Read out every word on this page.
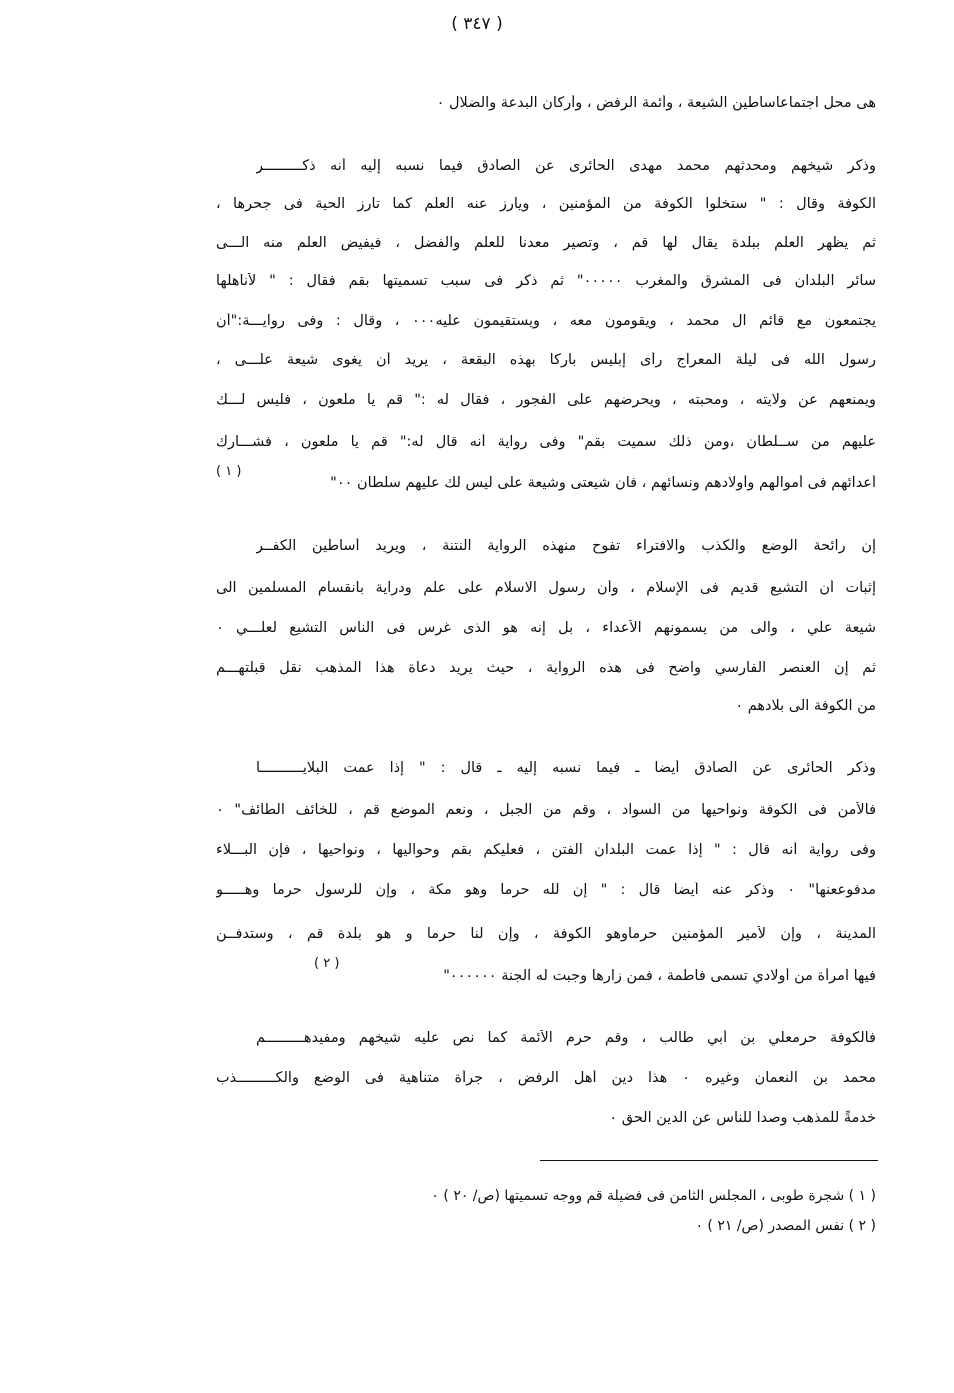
( ٣٤٧ )
هى محل اجتماعأساطين الشيعة ، وأئمة الرفض ، وأركان البدعة والضلال ٠
وذكر شيخهم ومحدثهم محمد مهدى الحائرى عن الصادق فيما نسبه إليه أنه ذكـــــــــر
الكوفة وقال : " ستخلوا الكوفة من المؤمنين ، ويأرز عنه العلم كما تأرز الحية فى جحرها ،
ثم يظهر العلم ببلدة يقال لها قم ، وتصير معدنا للعلم والفضل ، فيفيض العلم منه الـــى
سائر البلدان فى المشرق والمغرب ٠٠٠٠٠" ثم ذكر فى سبب تسميتها بقم فقال : " لأنأهلها
يجتمعون مع قائم آل محمد ، ويقومون معه ، ويستقيمون عليه٠٠٠ ، وقال : وفى روايـــة:"أن
رسول الله فى ليلة المعراج رأى إبليس باركا بهذه البقعة ، يريد أن يغوى شيعة علـــى ،
ويمنعهم عن ولايته ، ومحبته ، ويحرضهم على الفجور ، فقال له :" قم يا ملعون ، فليس لـــك
عليهم من ســلطان ،ومن ذلك سميت بقم" وفى رواية أنه قال له:" قم يا ملعون ، فشـــارك
أعدائهم فى أموالهم وأولادهم ونسائهم ، فان شيعتى وشيعة على ليس لك عليهم سلطان ٠٠"
( ١ )
إن رائحة الوضع والكذب والافتراء تفوح منهذه الرواية النتنة ، ويريد أساطين الكفــر
إثبات أن التشيع قديم فى الإسلام ، وأن رسول الاسلام على علم ودراية بانقسام المسلمين الى
شيعة علي ، والى من يسمونهم الأعداء ، بل إنه هو الذى غرس فى الناس التشيع لعلـــي ٠
ثم إن العنصر الفارسي واضح فى هذه الرواية ، حيث يريد دعاة هذا المذهب نقل قبلتهـــم
من الكوفة الى بلادهم ٠
وذكر الحائرى عن الصادق أيضا ـ فيما نسبه إليه ـ قال : " إذا عمت البلايــــــــــا
فالأمن فى الكوفة ونواحيها من السواد ، وقم من الجبل ، ونعم الموضع قم ، للخائف الطائف" ٠
وفى رواية أنه قال : " إذا عمت البلدان الفتن ، فعليكم بقم وحواليها ، ونواحيها ، فإن البـــلاء
مدفوععنها" ٠ وذكر عنه أيضا قال : " إن لله حرما وهو مكة ، وإن للرسول حرما وهـــــو
المدينة ، وإن لأمير المؤمنين حرماوهو الكوفة ، وإن لنا حرما و هو بلدة قم ، وستدفــن
فيها امرأة من أولادي تسمى فاطمة ، فمن زارها وجبت له الجنة ٠٠٠٠٠٠"
( ٢ )
فالكوفة حرمعلي بن أبي طالب ، وقم حرم الأئمة كما نص عليه شيخهم ومفيدهـــــــــم
محمد بن النعمان وغيره ٠ هذا دين أهل الرفض ، جرأة متناهية فى الوضع والكـــــــــذب
خدمةً للمذهب وصداً للناس عن الدين الحق ٠
( ١ ) شجرة طوبى ، المجلس الثامن فى فضيلة قم ووجه تسميتها (ص/ ٢٠ ) ٠
( ٢ ) نفس المصدر (ص/ ٢١ ) ٠
